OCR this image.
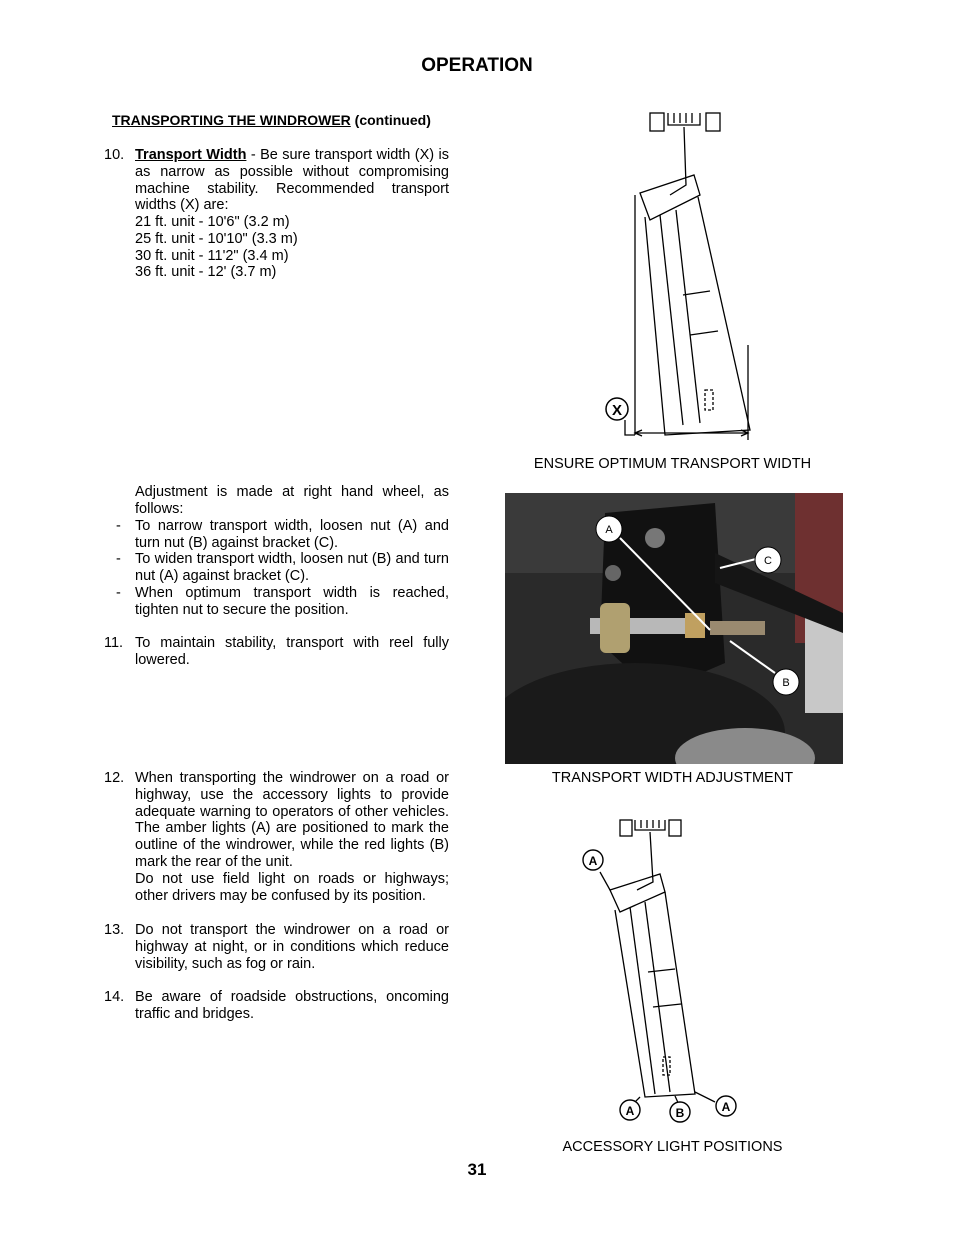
OPERATION
TRANSPORTING THE WINDROWER (continued)
10. Transport Width - Be sure transport width (X) is as narrow as possible without compromising machine stability. Recommended transport widths (X) are:
21 ft. unit - 10'6" (3.2 m)
25 ft. unit - 10'10" (3.3 m)
30 ft. unit - 11'2" (3.4 m)
36 ft. unit - 12' (3.7 m)
Adjustment is made at right hand wheel, as follows:
- To narrow transport width, loosen nut (A) and turn nut (B) against bracket (C).
- To widen transport width, loosen nut (B) and turn nut (A) against bracket (C).
- When optimum transport width is reached, tighten nut to secure the position.
11. To maintain stability, transport with reel fully lowered.
12. When transporting the windrower on a road or highway, use the accessory lights to provide adequate warning to operators of other vehicles. The amber lights (A) are positioned to mark the outline of the windrower, while the red lights (B) mark the rear of the unit.
Do not use field light on roads or highways; other drivers may be confused by its position.
13. Do not transport the windrower on a road or highway at night, or in conditions which reduce visibility, such as fog or rain.
14. Be aware of roadside obstructions, oncoming traffic and bridges.
X
ENSURE OPTIMUM TRANSPORT WIDTH
A
C
B
TRANSPORT WIDTH ADJUSTMENT
A
A	B	A
ACCESSORY LIGHT POSITIONS
31
